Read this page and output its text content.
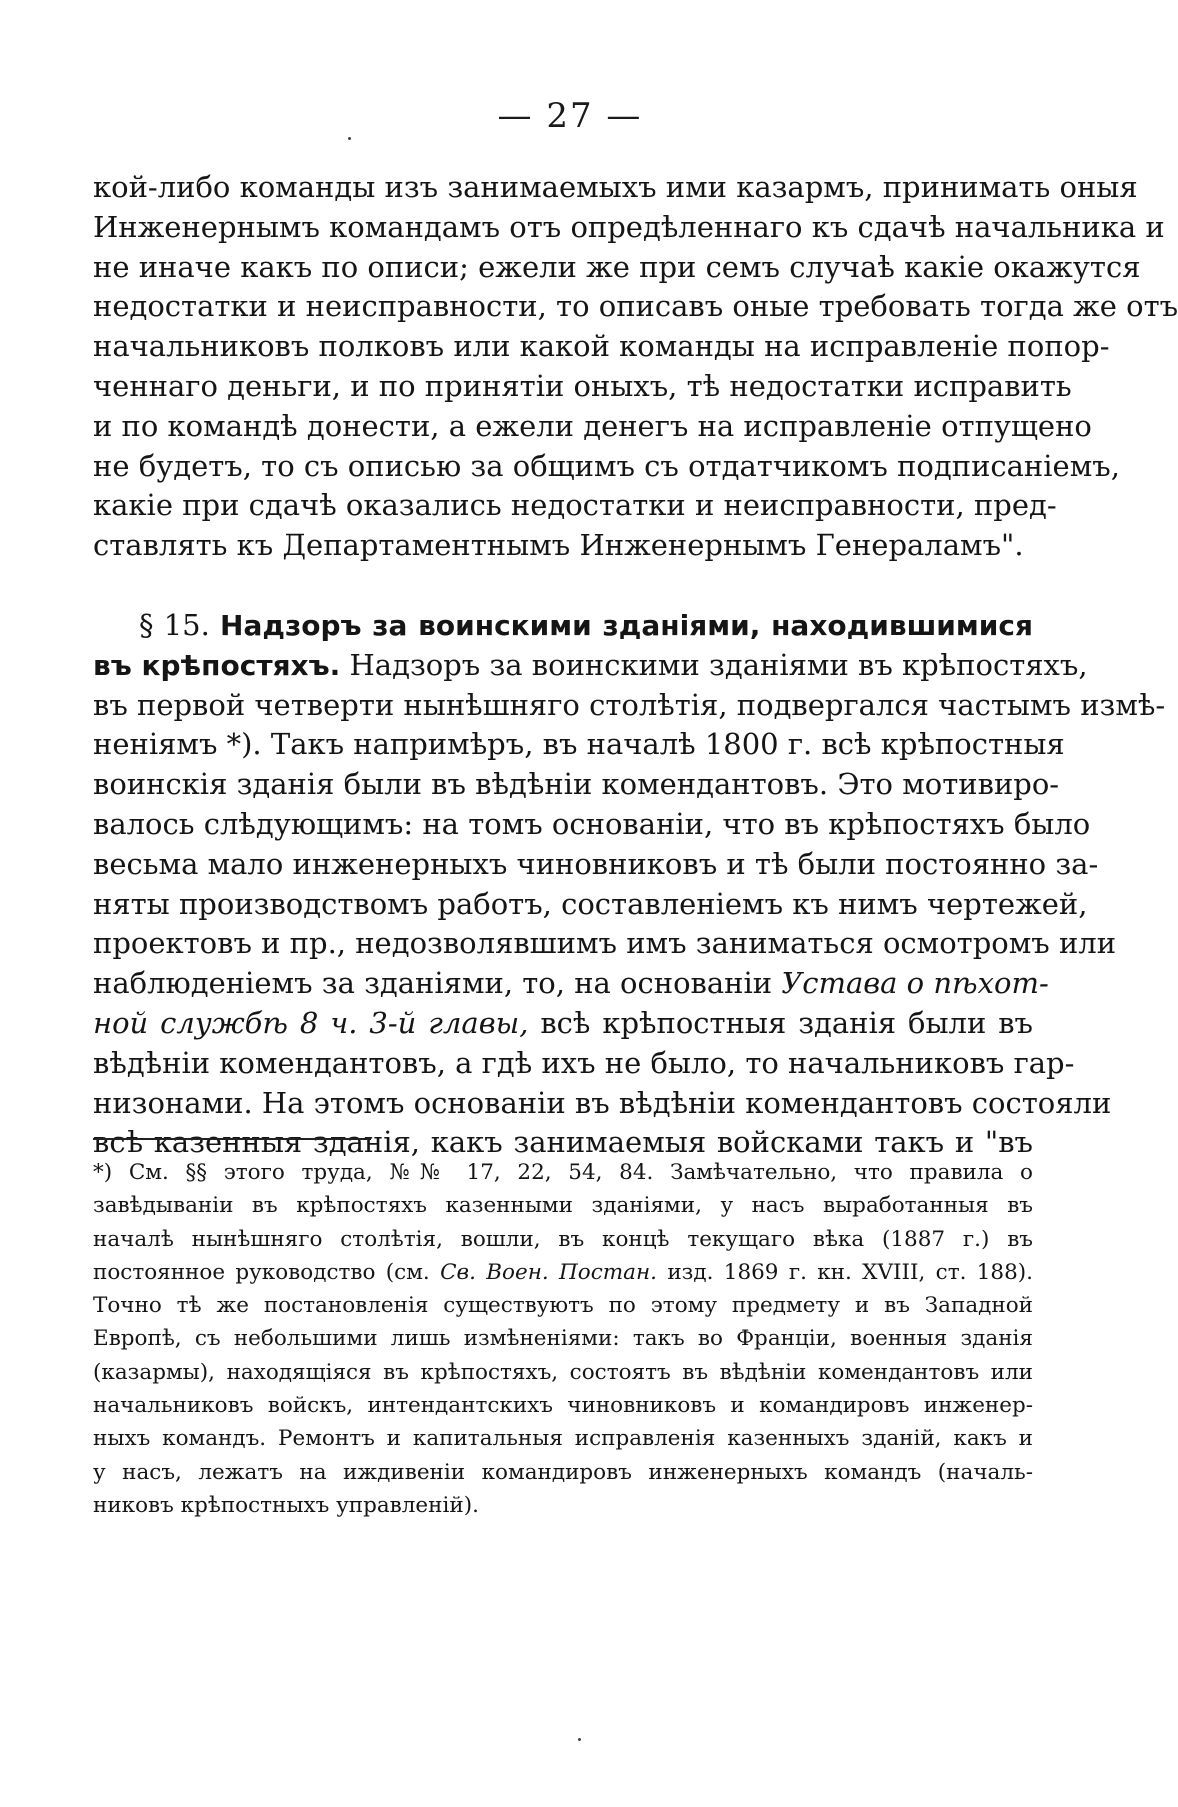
— 27 —
кой-либо команды изъ занимаемыхъ ими казармъ, принимать оныя
Инженернымъ командамъ отъ опредѣленнаго къ сдачѣ начальника и
не иначе какъ по описи; ежели же при семъ случаѣ какіе окажутся
недостатки и неисправности, то описавъ оные требовать тогда же отъ
начальниковъ полковъ или какой команды на исправленіе попор-
ченнаго деньги, и по принятіи оныхъ, тѣ недостатки исправить
и по командѣ донести, а ежели денегъ на исправленіе отпущено
не будетъ, то съ описью за общимъ съ отдатчикомъ подписаніемъ,
какіе при сдачѣ оказались недостатки и неисправности, пред-
ставлять къ Департаментнымъ Инженернымъ Генераламъ".
§ 15. Надзоръ за воинскими зданіями, находившимися
въ крѣпостяхъ. Надзоръ за воинскими зданіями въ крѣпостяхъ,
въ первой четверти нынѣшняго столѣтія, подвергался частымъ измѣ-
неніямъ *). Такъ напримѣръ, въ началѣ 1800 г. всѣ крѣпостныя
воинскія зданія были въ вѣдѣніи комендантовъ. Это мотивиро-
валось слѣдующимъ: на томъ основаніи, что въ крѣпостяхъ было
весьма мало инженерныхъ чиновниковъ и тѣ были постоянно за-
няты производствомъ работъ, составленіемъ къ нимъ чертежей,
проектовъ и пр., недозволявшимъ имъ заниматься осмотромъ или
наблюденіемъ за зданіями, то, на основаніи Устава о пѣхот-
ной службѣ 8 ч. 3-й главы, всѣ крѣпостныя зданія были въ
вѣдѣніи комендантовъ, а гдѣ ихъ не было, то начальниковъ гар-
низонами. На этомъ основаніи въ вѣдѣніи комендантовъ состояли
всѣ казенныя зданія, какъ занимаемыя войсками такъ и "въ
*) См. §§ этого труда, №№ 17, 22, 54, 84. Замѣчательно, что правила о
завѣдываніи въ крѣпостяхъ казенными зданіями, у насъ выработанныя въ
началѣ нынѣшняго столѣтія, вошли, въ концѣ текущаго вѣка (1887 г.) въ
постоянное руководство (см. Св. Воен. Постан. изд. 1869 г. кн. XVIII, ст. 188).
Точно тѣ же постановленія существуютъ по этому предмету и въ Западной
Европѣ, съ небольшими лишь измѣненіями: такъ во Франціи, военныя зданія
(казармы), находящіяся въ крѣпостяхъ, состоятъ въ вѣдѣніи комендантовъ или
начальниковъ войскъ, интендантскихъ чиновниковъ и командировъ инженер-
ныхъ командъ. Ремонтъ и капитальныя исправленія казенныхъ зданій, какъ и
у насъ, лежатъ на иждивеніи командировъ инженерныхъ командъ (началь-
никовъ крѣпостныхъ управленій).
